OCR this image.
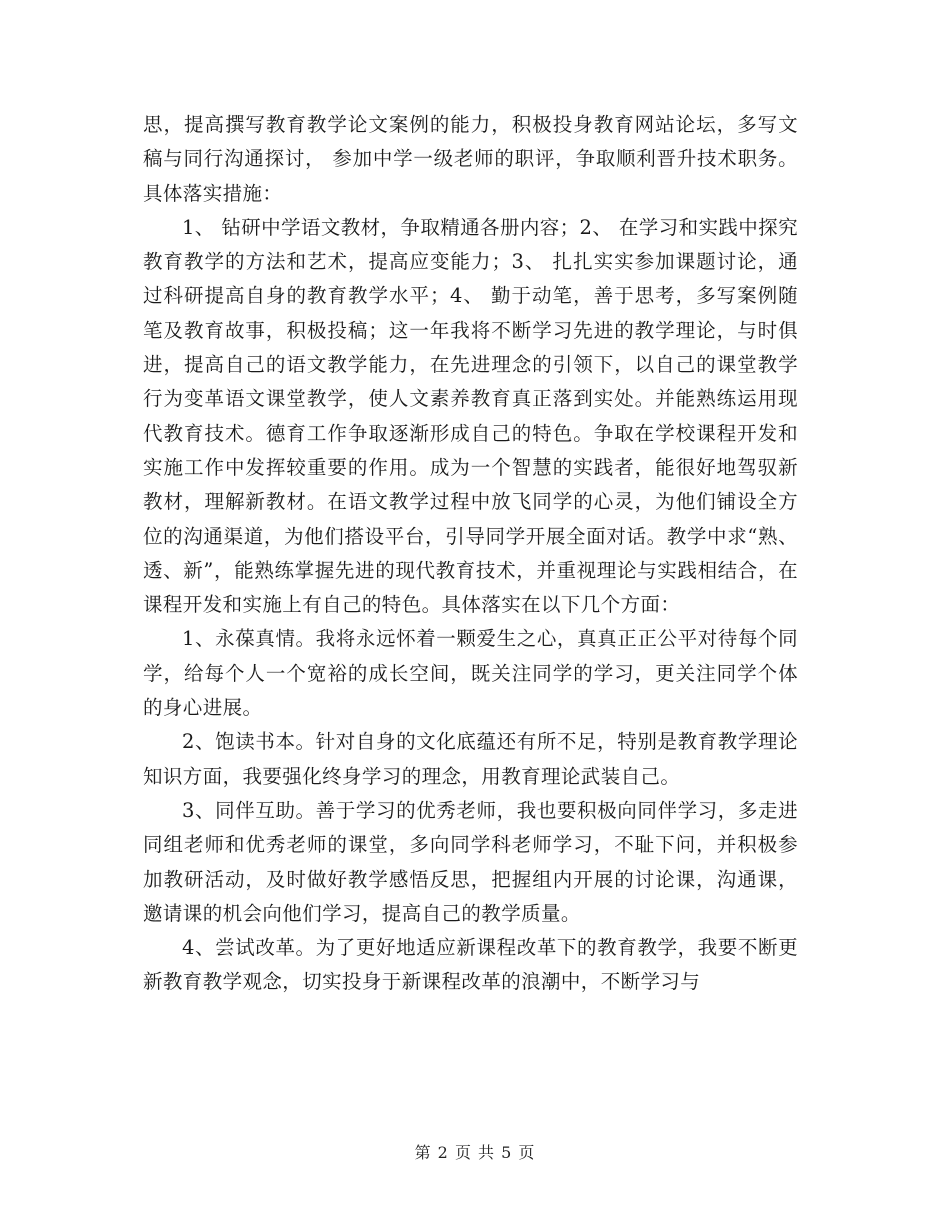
思，提高撰写教育教学论文案例的能力，积极投身教育网站论坛，多写文稿与同行沟通探讨， 参加中学一级老师的职评，争取顺利晋升技术职务。具体落实措施：

1、 钻研中学语文教材，争取精通各册内容；2、 在学习和实践中探究教育教学的方法和艺术，提高应变能力；3、 扎扎实实参加课题讨论，通过科研提高自身的教育教学水平；4、 勤于动笔，善于思考，多写案例随笔及教育故事，积极投稿；这一年我将不断学习先进的教学理论，与时俱进，提高自己的语文教学能力，在先进理念的引领下，以自己的课堂教学行为变革语文课堂教学，使人文素养教育真正落到实处。并能熟练运用现代教育技术。德育工作争取逐渐形成自己的特色。争取在学校课程开发和实施工作中发挥较重要的作用。成为一个智慧的实践者，能很好地驾驭新教材，理解新教材。在语文教学过程中放飞同学的心灵，为他们铺设全方位的沟通渠道，为他们搭设平台，引导同学开展全面对话。教学中求“熟、透、新”，能熟练掌握先进的现代教育技术，并重视理论与实践相结合，在课程开发和实施上有自己的特色。具体落实在以下几个方面：

1、永葆真情。我将永远怀着一颗爱生之心，真真正正公平对待每个同学，给每个人一个宽裕的成长空间，既关注同学的学习，更关注同学个体的身心进展。

2、饱读书本。针对自身的文化底蕴还有所不足，特别是教育教学理论知识方面，我要强化终身学习的理念，用教育理论武装自己。

3、同伴互助。善于学习的优秀老师，我也要积极向同伴学习，多走进同组老师和优秀老师的课堂，多向同学科老师学习，不耻下问，并积极参加教研活动，及时做好教学感悟反思，把握组内开展的讨论课，沟通课，邀请课的机会向他们学习，提高自己的教学质量。

4、尝试改革。为了更好地适应新课程改革下的教育教学，我要不断更新教育教学观念，切实投身于新课程改革的浪潮中，不断学习与

第 2 页 共 5 页
